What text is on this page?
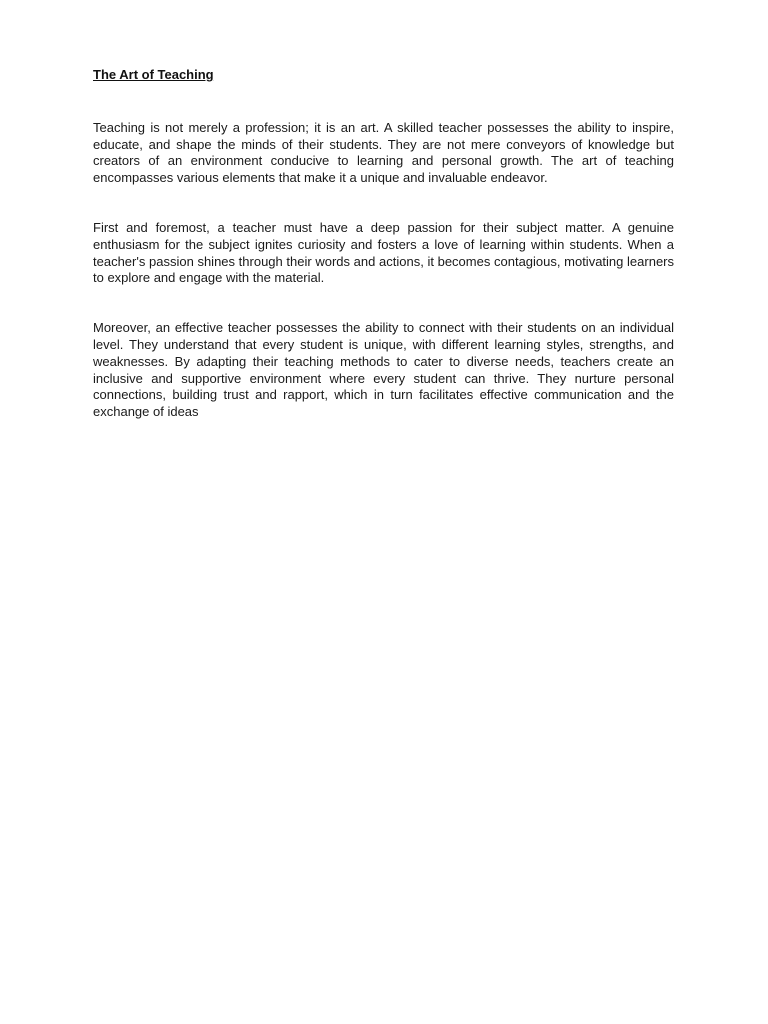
The Art of Teaching

Teaching is not merely a profession; it is an art. A skilled teacher possesses the ability to inspire, educate, and shape the minds of their students. They are not mere conveyors of knowledge but creators of an environment conducive to learning and personal growth. The art of teaching encompasses various elements that make it a unique and invaluable endeavor.

First and foremost, a teacher must have a deep passion for their subject matter. A genuine enthusiasm for the subject ignites curiosity and fosters a love of learning within students. When a teacher's passion shines through their words and actions, it becomes contagious, motivating learners to explore and engage with the material.

Moreover, an effective teacher possesses the ability to connect with their students on an individual level. They understand that every student is unique, with different learning styles, strengths, and weaknesses. By adapting their teaching methods to cater to diverse needs, teachers create an inclusive and supportive environment where every student can thrive. They nurture personal connections, building trust and rapport, which in turn facilitates effective communication and the exchange of ideas
